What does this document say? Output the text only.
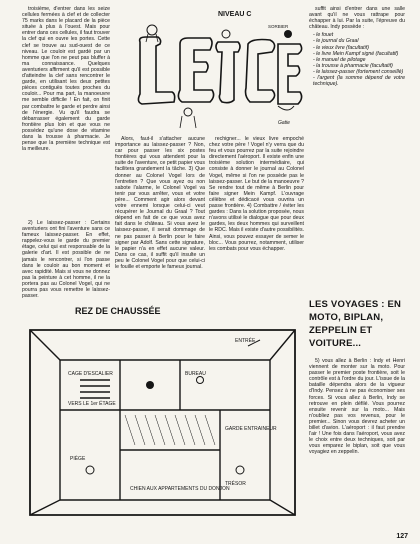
troisième, d'entrer dans les seize cellules fermées à clef et de collecter 75 marks dans le placard de la pièce située à plus à l'ouest. Mais pour entrer dans ces cellules, il faut trouver la clef qui en ouvre les portes. Cette clef se trouve au sud-ouest de ce niveau. Le couloir est gardé par un homme que l'on ne peut pas bluffer à ma connaissance. Quelques aventuriers affirment qu'il est possible d'atteindre la clef sans rencontrer le garde, en utilisant les deux petites pièces contiguës toutes proches du couloir... Pour ma part, la manoeuvre me semble difficile ! En fait, on finit par combattre le garde et perdre ainsi de l'énergie. Vu qu'il faudra se débarrasser également du garde frontière plus loin et que vous ne possédez qu'une dose de vitamine dans la trousse à pharmacie. Je pense que la première technique est la meilleure.

2) Le laissez-passer : Certains aventuriers ont fini l'aventure sans ce fameux laissez-passer. En effet, rappelez-vous le garde du premier étage, celui qui est responsable de la galerie d'art. Il est possible de ne jamais le rencontrer, si l'on passe dans le couloir au bon moment et avec rapidité. Mais si vous ne donnez pas la peinture à cet homme, il ne la portera pas au Colonel Vogel, qui ne pourra pas vous remettre le laissez-passer.

NIVEAU C
SORBIER
Gatie

Alors, faut-il s'attacher aucune importance au laissez-passer ? Non, car pour passer les six postes frontières qui vous attendent pour la suite de l'aventure, ce petit papier vous facilitera grandement la tâche. 3) Que donner au Colonel Vogel lors de l'entretien ? Que vous ayez ou non sabote l'alarme, le Colonel Vogel va tenir par vous arrêter, vous et votre père... Comment agir alors devant votre ennemi lorsque celui-ci veut récupérer le Journal du Graal ? Tout dépend en fait de ce que vous avez fait dans le château. Si vous avez le laissez-passer, il serait dommage de ne pas passer à Berlin pour le faire signer par Adolf. Sans cette signature, le papier n'a en effet aucune valeur. Dans ce cas, il suffit qu'il insulte un peu le Colonel Vogel pour que celui-ci le fouille et emporte le fameux journal.

rechigner... le vieux livre empoché chez votre père ! Vogel n'y verra que du feu et vous pourrez par la suite rejoindre directement l'aéroport. Il existe enfin une troisième solution intermédiaire, qui consiste à donner le journal au Colonel Vogel, même si l'on ne possède pas le laissez-passer. Le but de la manoeuvre ? Se rendre tout de même à Berlin pour faire signer Mein Kampf. L'ouvrage célèbre et dédicacé vous ouvrira un passe frontière. 4) Combattre / éviter les gardes : Dans la solution proposée, nous n'avons utilisé le dialogue que pour deux gardes, les deux hommes qui surveillent le RDC. Mais il existe d'autre possibilités. Ainsi, vous pouvez essayer de semer le bloc... Vous pourrez, notamment, utiliser les combats pour vous échapper.

suffit ainsi d'entrer dans une salle avant qu'il ne vous rattrape pour échapper à lui. Par la suite, l'épreuve du château. Indy possède :

- le fouet
- le journal du Graal
- le vieux livre (facultatif)
- le livre Mein Kampf signé (facultatif)
- le manuel de pilotage
- la trousse à pharmacie (facultatif)
- le laissez-passer (fortement conseillé)
- l'argent (la somme dépend de votre technique).
LES VOYAGES : EN MOTO, BIPLAN, ZEPPELIN ET VOITURE...

5) vous allez à Berlin : Indy et Henri viennent de monter sur la moto. Pour passer le premier poste frontière, soit le contrôle est à l'ordre du jour. L'issue de la bataille dépendra alors de la vigueur d'Indy. Pensez à ne pas économiser ses forces. Si vous allez à Berlin, Indy se retrouve en plein défilé. Vous pourrez ensuite revenir sur la moto... Mais n'oubliez pas vos revenus, pour le premier... Sinon vous devrez acheter un billet d'avion. L'aéroport : il faut prendre l'air ! Une fois dans l'aéroport, vous avez le choix entre deux techniques, soit par vous emparez le biplan, soit que vous voyagiez en zeppelin.

REZ DE CHAUSSÉE
ENTRÉE
CAGE D'ESCALIER
VERS LE 1er ÉTAGE
CHIEN AUX APPARTEMENTS DU DONJON
GARDE ENTRAINEUR
BUREAU
TRÉSOR
PIÈGE
127
